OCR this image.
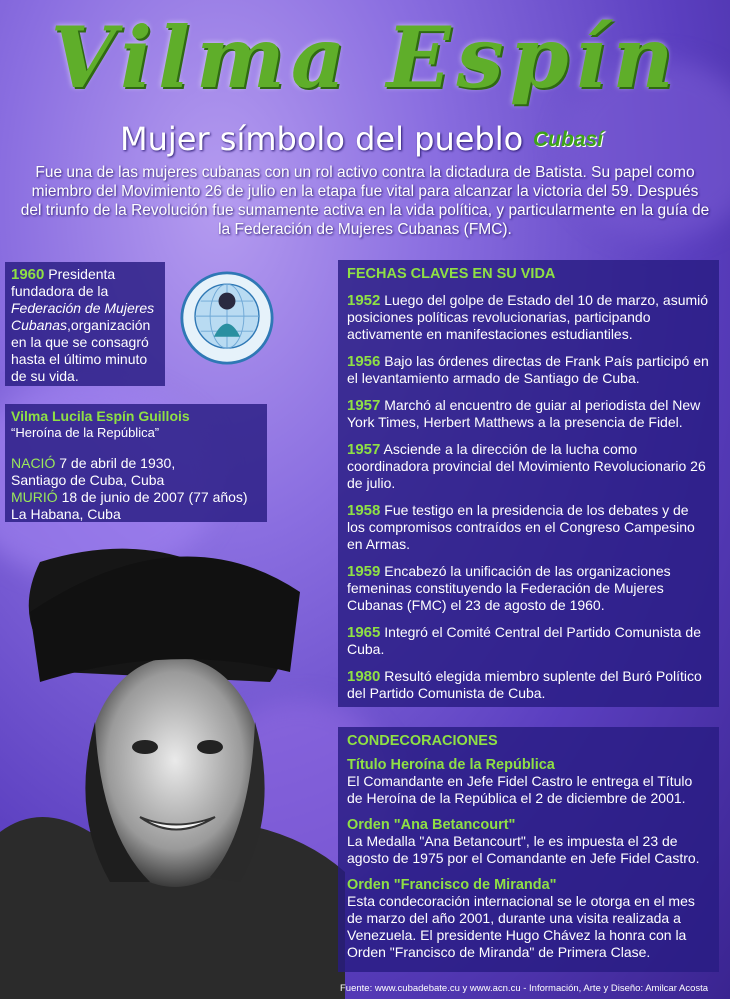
Vilma Espín
Mujer símbolo del pueblo Cubasí
Fue una de las mujeres cubanas con un rol activo contra la dictadura de Batista. Su papel como miembro del Movimiento 26 de julio en la etapa fue vital para alcanzar la victoria del 59. Después del triunfo de la Revolución fue sumamente activa en la vida política, y particularmente en la guía de la Federación de Mujeres Cubanas (FMC).
1960 Presidenta fundadora de la Federación de Mujeres Cubanas,organización en la que se consagró hasta el último minuto de su vida.
Vilma Lucila Espín Guillois
“Heroína de la República”
NACIÓ 7 de abril de 1930,
Santiago de Cuba, Cuba
MURIÓ 18 de junio de 2007 (77 años)
La Habana, Cuba
FECHAS CLAVES EN SU VIDA
1952 Luego del golpe de Estado del 10 de marzo, asumió posiciones políticas revolucionarias, participando activamente en manifestaciones estudiantiles.
1956 Bajo las órdenes directas de Frank País participó en el levantamiento armado de Santiago de Cuba.
1957 Marchó al encuentro de guiar al periodista del New York Times, Herbert Matthews a la presencia de Fidel.
1957 Asciende a la dirección de la lucha como coordinadora provincial del Movimiento Revolucionario 26 de julio.
1958 Fue testigo en la presidencia de los debates y de los compromisos contraídos en el Congreso Campesino en Armas.
1959 Encabezó la unificación de las organizaciones femeninas constituyendo la Federación de Mujeres Cubanas (FMC) el 23 de agosto de 1960.
1965 Integró el Comité Central del Partido Comunista de Cuba.
1980 Resultó elegida miembro suplente del Buró Político del Partido Comunista de Cuba.
CONDECORACIONES
Título Heroína de la República
El Comandante en Jefe Fidel Castro le entrega el Título de Heroína de la República el 2 de diciembre de 2001.
Orden "Ana Betancourt"
La Medalla "Ana Betancourt", le es impuesta el 23 de agosto de 1975 por el Comandante en Jefe Fidel Castro.
Orden "Francisco de Miranda"
Esta condecoración internacional se le otorga en el mes de marzo del año 2001, durante una visita realizada a Venezuela. El presidente Hugo Chávez la honra con la Orden "Francisco de Miranda" de Primera Clase.
Fuente: www.cubadebate.cu y www.acn.cu - Información, Arte y Diseño: Amilcar Acosta
